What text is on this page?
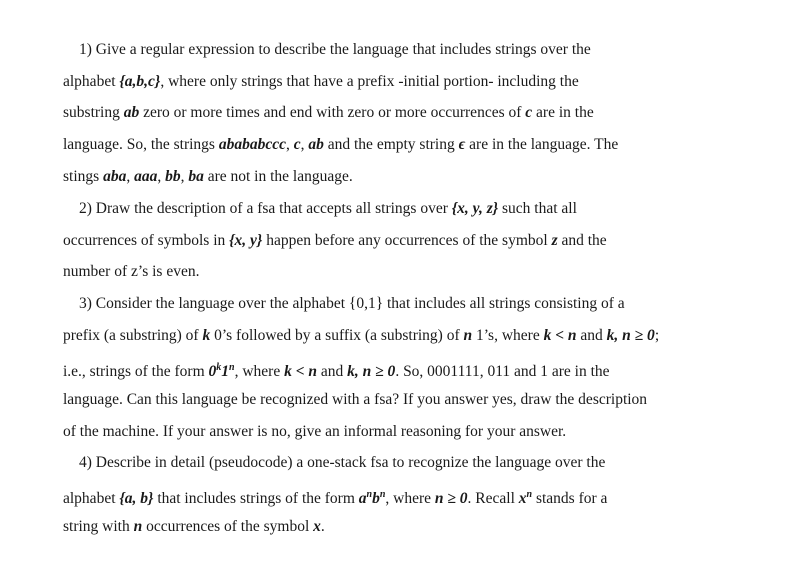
1) Give a regular expression to describe the language that includes strings over the
alphabet {a,b,c}, where only strings that have a prefix -initial portion- including the
substring ab zero or more times and end with zero or more occurrences of c are in the
language. So, the strings abababccc, c, ab and the empty string ϵ are in the language. The
stings aba, aaa, bb, ba are not in the language.
2) Draw the description of a fsa that accepts all strings over {x, y, z} such that all
occurrences of symbols in {x, y} happen before any occurrences of the symbol z and the
number of z’s is even.
3) Consider the language over the alphabet {0,1} that includes all strings consisting of a
prefix (a substring) of k 0’s followed by a suffix (a substring) of n 1’s, where k < n and k, n ≥ 0;
i.e., strings of the form 0$^k$1$^n$, where k < n and k, n ≥ 0. So, 0001111, 011 and 1 are in the
language. Can this language be recognized with a fsa? If you answer yes, draw the description
of the machine. If your answer is no, give an informal reasoning for your answer.
4) Describe in detail (pseudocode) a one-stack fsa to recognize the language over the
alphabet {a, b} that includes strings of the form $a^nb^n$, where n ≥ 0. Recall $x^n$ stands for a
string with n occurrences of the symbol x.
